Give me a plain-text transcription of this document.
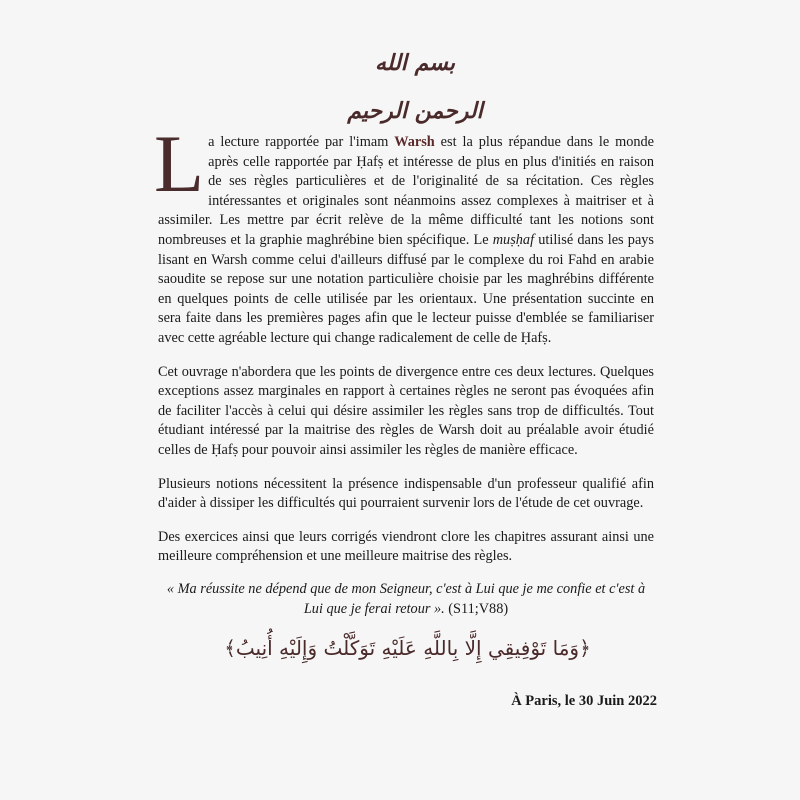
بسم الله الرحمن الرحيم

La lecture rapportée par l'imam Warsh est la plus répandue dans le monde après celle rapportée par Ḥafṣ et intéresse de plus en plus d'initiés en raison de ses règles particulières et de l'originalité de sa récitation. Ces règles intéressantes et originales sont néanmoins assez complexes à maitriser et à assimiler. Les mettre par écrit relève de la même difficulté tant les notions sont nombreuses et la graphie maghrébine bien spécifique. Le muṣḥaf utilisé dans les pays lisant en Warsh comme celui d'ailleurs diffusé par le complexe du roi Fahd en arabie saoudite se repose sur une notation particulière choisie par les maghrébins différente en quelques points de celle utilisée par les orientaux. Une présentation succinte en sera faite dans les premières pages afin que le lecteur puisse d'emblée se familiariser avec cette agréable lecture qui change radicalement de celle de Ḥafṣ.

Cet ouvrage n'abordera que les points de divergence entre ces deux lectures. Quelques exceptions assez marginales en rapport à certaines règles ne seront pas évoquées afin de faciliter l'accès à celui qui désire assimiler les règles sans trop de difficultés. Tout étudiant intéressé par la maitrise des règles de Warsh doit au préalable avoir étudié celles de Ḥafṣ pour pouvoir ainsi assimiler les règles de manière efficace.

Plusieurs notions nécessitent la présence indispensable d'un professeur qualifié afin d'aider à dissiper les difficultés qui pourraient survenir lors de l'étude de cet ouvrage.

Des exercices ainsi que leurs corrigés viendront clore les chapitres assurant ainsi une meilleure compréhension et une meilleure maitrise des règles.

« Ma réussite ne dépend que de mon Seigneur, c'est à Lui que je me confie et c'est à Lui que je ferai retour ». (S11;V88)
﴿وَمَا تَوْفِيقِي إِلَّا بِاللَّهِ عَلَيْهِ تَوَكَّلْتُ وَإِلَيْهِ أُنِيبُ﴾
À Paris, le 30 Juin 2022
